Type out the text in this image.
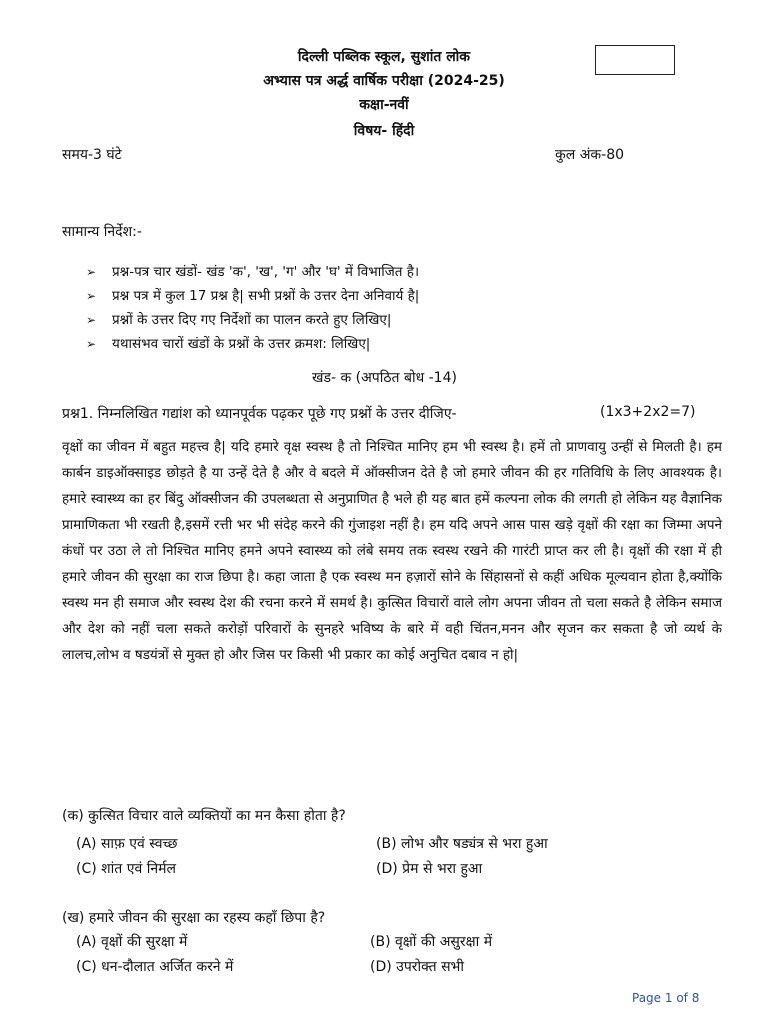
दिल्ली पब्लिक स्कूल, सुशांत लोक
अभ्यास पत्र अर्द्ध वार्षिक परीक्षा (2024-25)
कक्षा-नवीं
विषय- हिंदी
समय-3 घंटे	कुल अंक-80
सामान्य निर्देश:-
➢ प्रश्न-पत्र चार खंडों- खंड 'क', 'ख', 'ग' और 'घ' में विभाजित है।
➢ प्रश्न पत्र में कुल 17 प्रश्न है| सभी प्रश्नों के उत्तर देना अनिवार्य है|
➢ प्रश्नों के उत्तर दिए गए निर्देशों का पालन करते हुए लिखिए|
➢ यथासंभव चारों खंडों के प्रश्नों के उत्तर क्रमश: लिखिए|
खंड- क (अपठित बोध -14)
प्रश्न1. निम्नलिखित गद्यांश को ध्यानपूर्वक पढ़कर पूछे गए प्रश्नों के उत्तर दीजिए-	(1x3+2x2=7)

वृक्षों का जीवन में बहुत महत्त्व है| यदि हमारे वृक्ष स्वस्थ है तो निश्चित मानिए हम भी स्वस्थ है। हमें तो प्राणवायु उन्हीं से मिलती है। हम कार्बन डाइऑक्साइड छोड़ते है या उन्हें देते है और वे बदले में ऑक्सीजन देते है जो हमारे जीवन की हर गतिविधि के लिए आवश्यक है। हमारे स्वास्थ्य का हर बिंदु ऑक्सीजन की उपलब्धता से अनुप्राणित है भले ही यह बात हमें कल्पना लोक की लगती हो लेकिन यह वैज्ञानिक प्रामाणिकता भी रखती है,इसमें रत्ती भर भी संदेह करने की गुंजाइश नहीं है। हम यदि अपने आस पास खड़े वृक्षों की रक्षा का जिम्मा अपने कंधों पर उठा ले तो निश्चित मानिए हमने अपने स्वास्थ्य को लंबे समय तक स्वस्थ रखने की गारंटी प्राप्त कर ली है। वृक्षों की रक्षा में ही हमारे जीवन की सुरक्षा का राज छिपा है। कहा जाता है एक स्वस्थ मन हज़ारों सोने के सिंहासनों से कहीं अधिक मूल्यवान होता है,क्योंकि स्वस्थ मन ही समाज और स्वस्थ देश की रचना करने में समर्थ है। कुत्सित विचारों वाले लोग अपना जीवन तो चला सकते है लेकिन समाज और देश को नहीं चला सकते करोड़ों परिवारों के सुनहरे भविष्य के बारे में वही चिंतन,मनन और सृजन कर सकता है जो व्यर्थ के लालच,लोभ व षडयंत्रों से मुक्त हो और जिस पर किसी भी प्रकार का कोई अनुचित दबाव न हो|

(क) कुत्सित विचार वाले व्यक्तियों का मन कैसा होता है?
(A) साफ़ एवं स्वच्छ	(B) लोभ और षड्यंत्र से भरा हुआ
(C) शांत एवं निर्मल	(D) प्रेम से भरा हुआ
(ख) हमारे जीवन की सुरक्षा का रहस्य कहाँ छिपा है?
(A) वृक्षों की सुरक्षा में	(B) वृक्षों की असुरक्षा में
(C) धन-दौलात अर्जित करने में	(D) उपरोक्त सभी
Page 1 of 8
